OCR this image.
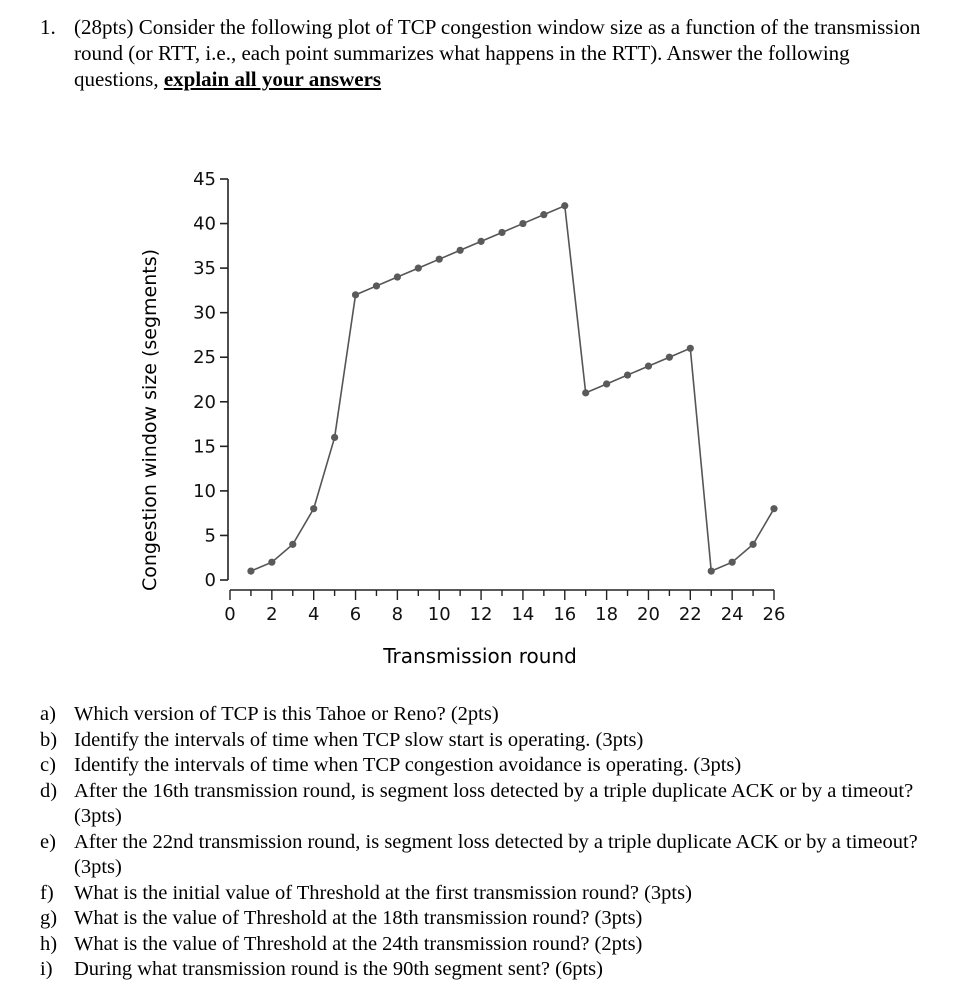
1. (28pts) Consider the following plot of TCP congestion window size as a function of the transmission round (or RTT, i.e., each point summarizes what happens in the RTT). Answer the following questions, explain all your answers
0
5
10
15
20
25
30
35
40
45
0 2 4 6 8 10 12 14 16 18 20 22 24 26
Transmission round
Congestion window size (segments)
a) Which version of TCP is this Tahoe or Reno? (2pts)
b) Identify the intervals of time when TCP slow start is operating. (3pts)
c) Identify the intervals of time when TCP congestion avoidance is operating. (3pts)
d) After the 16th transmission round, is segment loss detected by a triple duplicate ACK or by a timeout? (3pts)
e) After the 22nd transmission round, is segment loss detected by a triple duplicate ACK or by a timeout? (3pts)
f) What is the initial value of Threshold at the first transmission round? (3pts)
g) What is the value of Threshold at the 18th transmission round? (3pts)
h) What is the value of Threshold at the 24th transmission round? (2pts)
i) During what transmission round is the 90th segment sent? (6pts)
